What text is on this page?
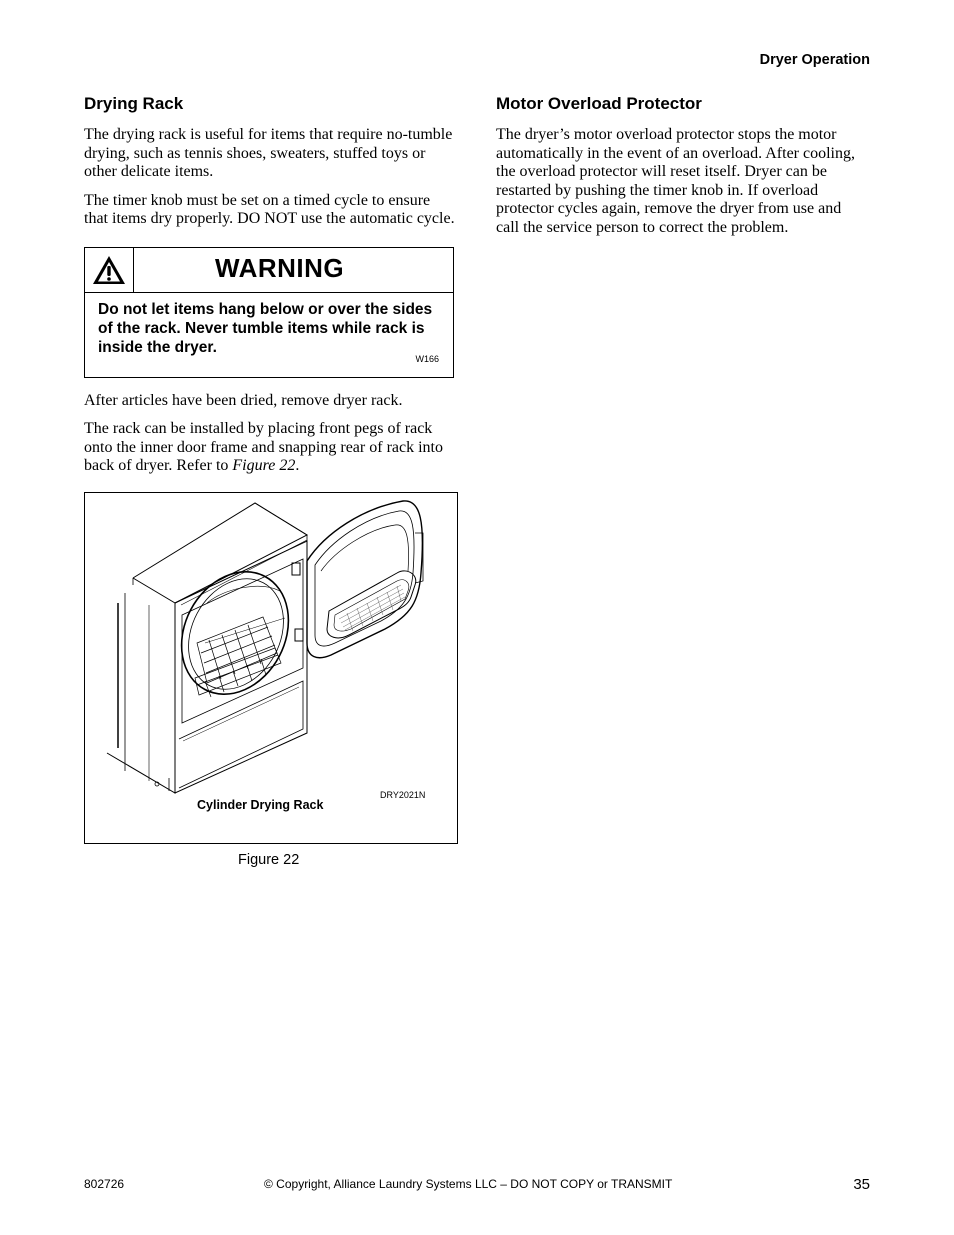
Dryer Operation
Drying Rack

The drying rack is useful for items that require no-tumble drying, such as tennis shoes, sweaters, stuffed toys or other delicate items.

The timer knob must be set on a timed cycle to ensure that items dry properly. DO NOT use the automatic cycle.

WARNING
Do not let items hang below or over the sides of the rack. Never tumble items while rack is inside the dryer.
W166

After articles have been dried, remove dryer rack.

The rack can be installed by placing front pegs of rack onto the inner door frame and snapping rear of rack into back of dryer. Refer to Figure 22.

DRY2021N
Cylinder Drying Rack
Figure 22
Motor Overload Protector

The dryer’s motor overload protector stops the motor automatically in the event of an overload. After cooling, the overload protector will reset itself. Dryer can be restarted by pushing the timer knob in. If overload protector cycles again, remove the dryer from use and call the service person to correct the problem.

802726	© Copyright, Alliance Laundry Systems LLC – DO NOT COPY or TRANSMIT	35
